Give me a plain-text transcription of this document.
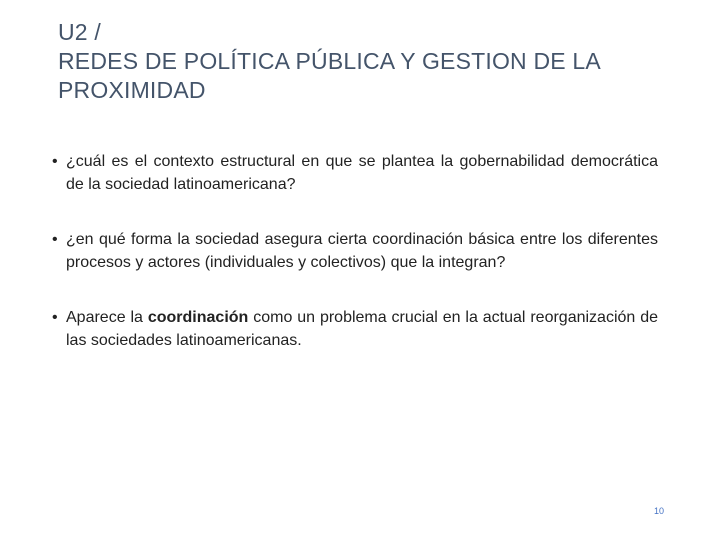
U2 /
REDES DE POLÍTICA PÚBLICA Y GESTION DE LA
PROXIMIDAD
• ¿cuál es el contexto estructural en que se plantea la gobernabilidad democrática de la sociedad latinoamericana?
• ¿en qué forma la sociedad asegura cierta coordinación básica entre los diferentes procesos y actores (individuales y colectivos) que la integran?
• Aparece la coordinación como un problema crucial en la actual reorganización de las sociedades latinoamericanas.
10
